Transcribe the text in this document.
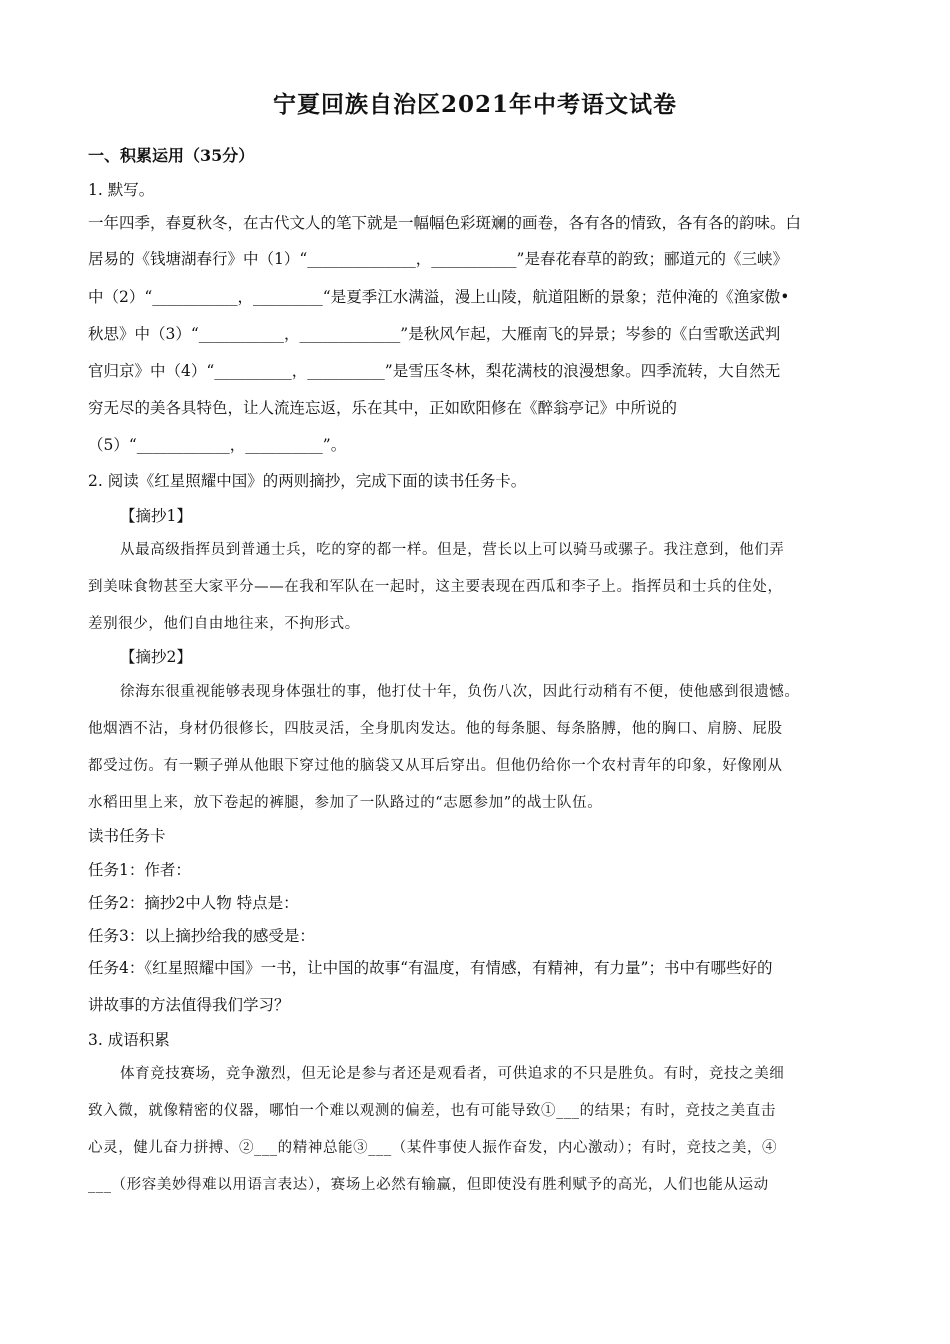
宁夏回族自治区2021年中考语文试卷
一、积累运用（35分）
1. 默写。
一年四季，春夏秋冬，在古代文人的笔下就是一幅幅色彩斑斓的画卷，各有各的情致，各有各的韵味。白
居易的《钱塘湖春行》中（1）“______________，___________”是春花春草的韵致；郦道元的《三峡》
中（2）“___________，_________“是夏季江水满溢，漫上山陵，航道阻断的景象；范仲淹的《渔家傲•
秋思》中（3）“___________，_____________”是秋风乍起，大雁南飞的异景；岑参的《白雪歌送武判
官归京》中（4）“__________，__________”是雪压冬林，梨花满枝的浪漫想象。四季流转，大自然无
穷无尽的美各具特色，让人流连忘返，乐在其中，正如欧阳修在《醉翁亭记》中所说的
（5）“____________，__________”。
2. 阅读《红星照耀中国》的两则摘抄，完成下面的读书任务卡。
【摘抄1】
从最高级指挥员到普通士兵，吃的穿的都一样。但是，营长以上可以骑马或骡子。我注意到，他们弄
到美味食物甚至大家平分——在我和军队在一起时，这主要表现在西瓜和李子上。指挥员和士兵的住处，
差别很少，他们自由地往来，不拘形式。
【摘抄2】
徐海东很重视能够表现身体强壮的事，他打仗十年，负伤八次，因此行动稍有不便，使他感到很遗憾。
他烟酒不沾，身材仍很修长，四肢灵活，全身肌肉发达。他的每条腿、每条胳膊，他的胸口、肩膀、屁股
都受过伤。有一颗子弹从他眼下穿过他的脑袋又从耳后穿出。但他仍给你一个农村青年的印象，好像刚从
水稻田里上来，放下卷起的裤腿，参加了一队路过的“志愿参加”的战士队伍。
读书任务卡
任务1：作者：
任务2：摘抄2中人物 特点是：
任务3：以上摘抄给我的感受是：
任务4：《红星照耀中国》一书，让中国的故事“有温度，有情感，有精神，有力量”；书中有哪些好的
讲故事的方法值得我们学习？
3. 成语积累
体育竞技赛场，竞争激烈，但无论是参与者还是观看者，可供追求的不只是胜负。有时，竞技之美细
致入微，就像精密的仪器，哪怕一个难以观测的偏差，也有可能导致①___的结果；有时，竞技之美直击
心灵，健儿奋力拼搏、②___的精神总能③___（某件事使人振作奋发，内心激动）；有时，竞技之美，④
___（形容美妙得难以用语言表达），赛场上必然有输赢，但即使没有胜利赋予的高光，人们也能从运动
